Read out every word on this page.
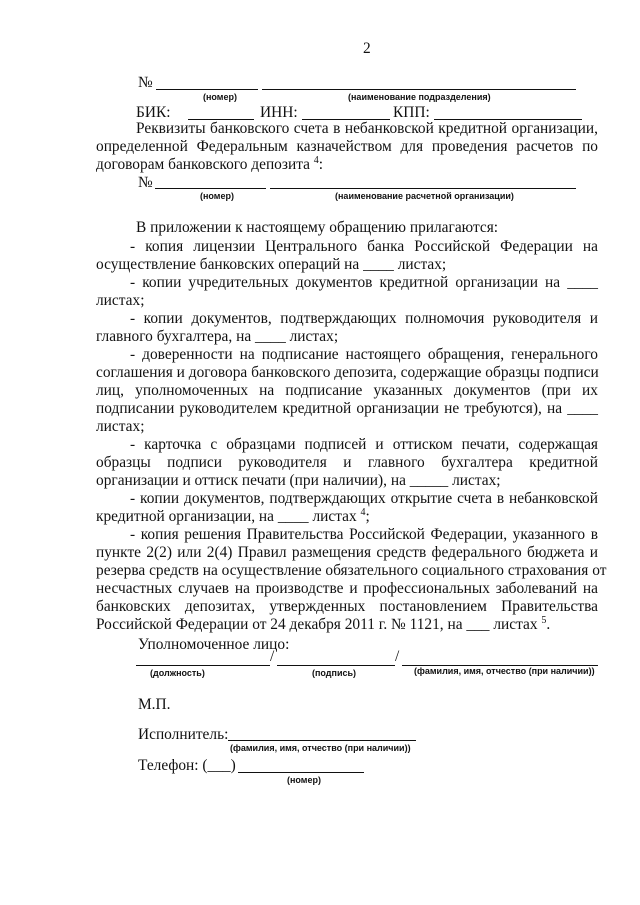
2
№
(номер)	(наименование подразделения)
БИК:	ИНН:	КПП:
Реквизиты банковского счета в небанковской кредитной организации,
определенной Федеральным казначейством для проведения расчетов по
договорам банковского депозита $^4$:
№
(номер)	(наименование расчетной организации)
В приложении к настоящему обращению прилагаются:
- копия лицензии Центрального банка Российской Федерации на
осуществление банковских операций на ____ листах;
- копии учредительных документов кредитной организации на ____
листах;
- копии документов, подтверждающих полномочия руководителя и
главного бухгалтера, на ____ листах;
- доверенности на подписание настоящего обращения, генерального
соглашения и договора банковского депозита, содержащие образцы подписи
лиц, уполномоченных на подписание указанных документов (при их
подписании руководителем кредитной организации не требуются), на ____
листах;
- карточка с образцами подписей и оттиском печати, содержащая
образцы подписи руководителя и главного бухгалтера кредитной
организации и оттиск печати (при наличии), на _____ листах;
- копии документов, подтверждающих открытие счета в небанковской
кредитной организации, на ____ листах $^4$;
- копия решения Правительства Российской Федерации, указанного в
пункте 2(2) или 2(4) Правил размещения средств федерального бюджета и
резерва средств на осуществление обязательного социального страхования от
несчастных случаев на производстве и профессиональных заболеваний на
банковских депозитах, утвержденных постановлением Правительства
Российской Федерации от 24 декабря 2011 г. № 1121, на ___ листах $^5$.
Уполномоченное лицо:
/	/
(должность)	(подпись)	(фамилия, имя, отчество (при наличии))
М.П.
Исполнитель:
(фамилия, имя, отчество (при наличии))
Телефон: (___)
(номер)
